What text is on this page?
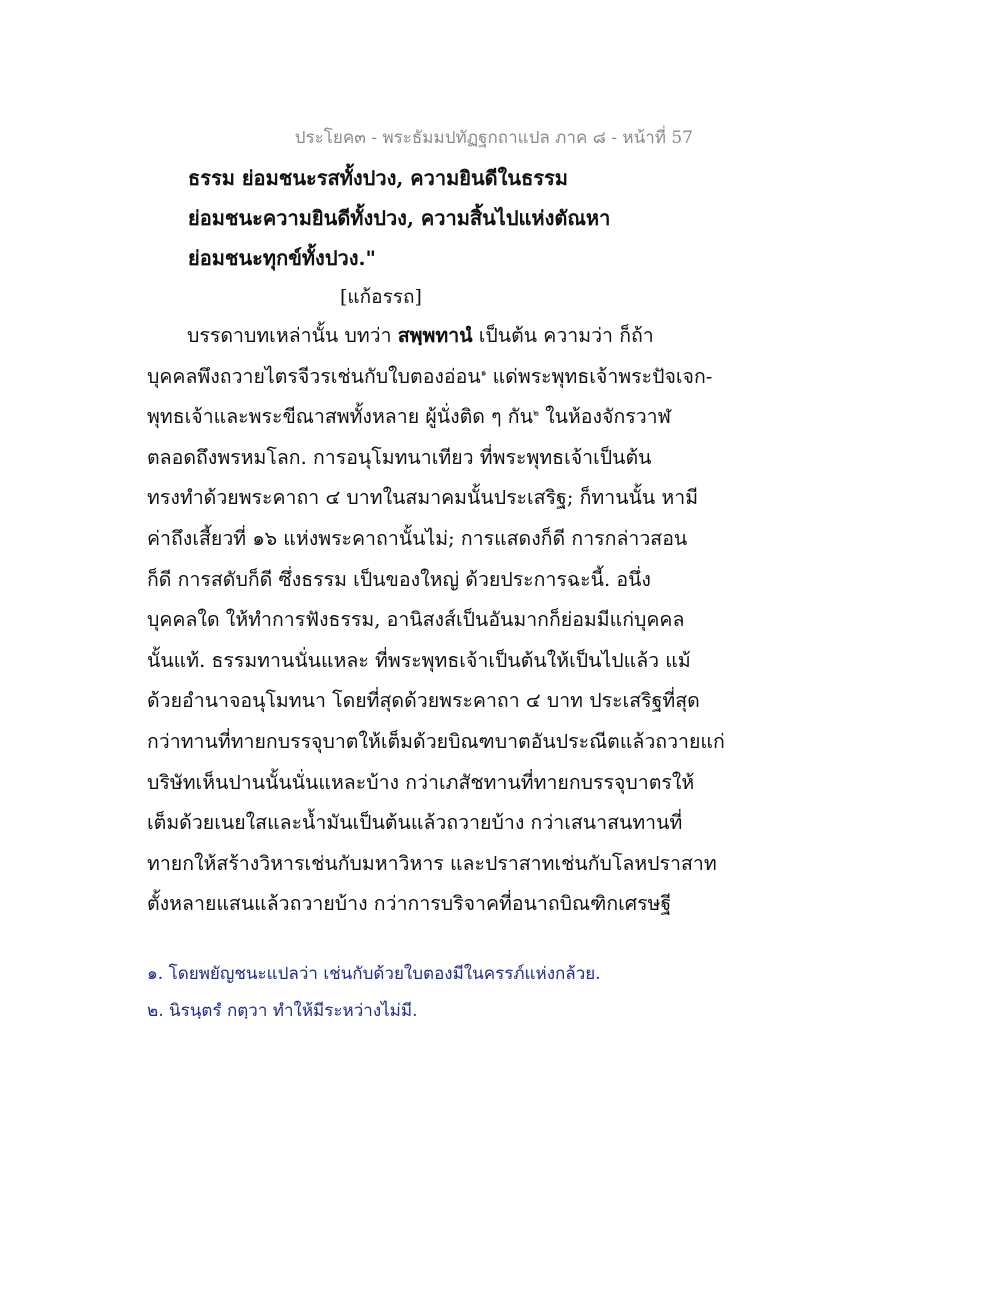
ประโยค๓ - พระธัมมปทัฏฐกถาแปล ภาค ๘ - หน้าที่ 57
ธรรม ย่อมชนะรสทั้งปวง, ความยินดีในธรรม
ย่อมชนะความยินดีทั้งปวง, ความสิ้นไปแห่งตัณหา
ย่อมชนะทุกข์ทั้งปวง."
[แก้อรรถ]
บรรดาบทเหล่านั้น บทว่า สพฺพทานํ เป็นต้น ความว่า ก็ถ้า
บุคคลพึงถวายไตรจีวรเช่นกับใบตองอ่อน$^๑$ แด่พระพุทธเจ้าพระปัจเจก-
พุทธเจ้าและพระขีณาสพทั้งหลาย ผู้นั่งติด ๆ กัน$^๒$ ในห้องจักรวาฬ
ตลอดถึงพรหมโลก. การอนุโมทนาเทียว ที่พระพุทธเจ้าเป็นต้น
ทรงทำด้วยพระคาถา ๔ บาทในสมาคมนั้นประเสริฐ; ก็ทานนั้น หามี
ค่าถึงเสี้ยวที่ ๑๖ แห่งพระคาถานั้นไม่; การแสดงก็ดี การกล่าวสอน
ก็ดี การสดับก็ดี ซึ่งธรรม เป็นของใหญ่ ด้วยประการฉะนี้. อนึ่ง
บุคคลใด ให้ทำการฟังธรรม, อานิสงส์เป็นอันมากก็ย่อมมีแก่บุคคล
นั้นแท้. ธรรมทานนั่นแหละ ที่พระพุทธเจ้าเป็นต้นให้เป็นไปแล้ว แม้
ด้วยอำนาจอนุโมทนา โดยที่สุดด้วยพระคาถา ๔ บาท ประเสริฐที่สุด
กว่าทานที่ทายกบรรจุบาตให้เต็มด้วยบิณฑบาตอันประณีตแล้วถวายแก่
บริษัทเห็นปานนั้นนั่นแหละบ้าง กว่าเภสัชทานที่ทายกบรรจุบาตรให้
เต็มด้วยเนยใสและน้ำมันเป็นต้นแล้วถวายบ้าง กว่าเสนาสนทานที่
ทายกให้สร้างวิหารเช่นกับมหาวิหาร และปราสาทเช่นกับโลหปราสาท
ตั้งหลายแสนแล้วถวายบ้าง กว่าการบริจาคที่อนาถบิณฑิกเศรษฐี
๑. โดยพยัญชนะแปลว่า เช่นกับด้วยใบตองมีในครรภ์แห่งกล้วย.
๒. นิรนฺตรํ กตฺวา ทำให้มีระหว่างไม่มี.
